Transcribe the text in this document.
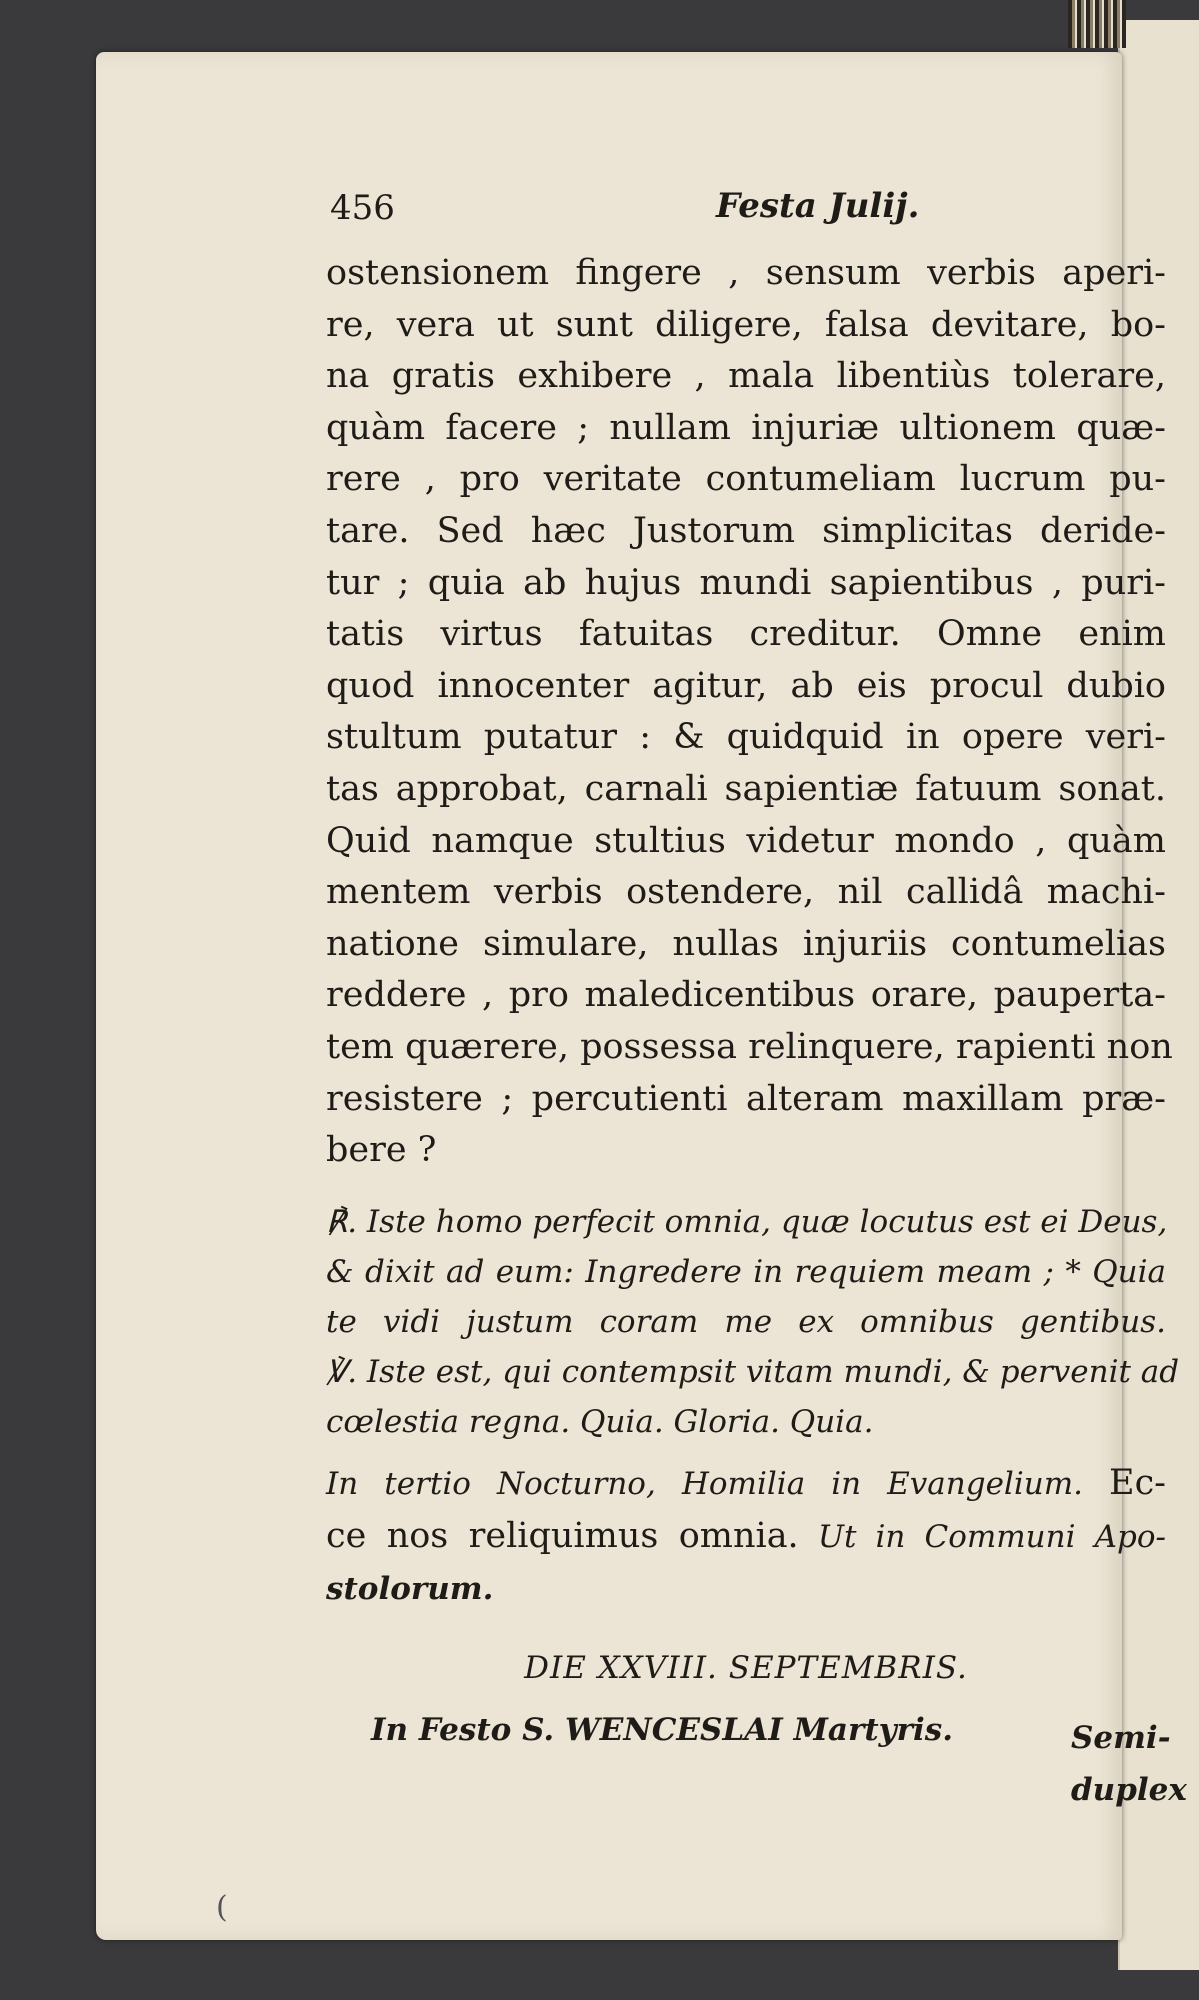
456	Festa Julij.
ostensionem fingere , sensum verbis aperi-
re, vera ut sunt diligere, falsa devitare, bo-
na gratis exhibere , mala libentiùs tolerare,
quàm facere ; nullam injuriæ ultionem quæ-
rere , pro veritate contumeliam lucrum pu-
tare. Sed hæc Justorum simplicitas deride-
tur ; quia ab hujus mundi sapientibus , puri-
tatis virtus fatuitas creditur. Omne enim
quod innocenter agitur, ab eis procul dubio
stultum putatur : & quidquid in opere veri-
tas approbat, carnali sapientiæ fatuum sonat.
Quid namque stultius videtur mondo , quàm
mentem verbis ostendere, nil callidâ machi-
natione simulare, nullas injuriis contumelias
reddere , pro maledicentibus orare, pauperta-
tem quærere, possessa relinquere, rapienti non
resistere ; percutienti alteram maxillam præ-
bere ?
℟. Iste homo perfecit omnia, quæ locutus est ei Deus,
& dixit ad eum: Ingredere in requiem meam ; * Quia
te vidi justum coram me ex omnibus gentibus.
℣. Iste est, qui contempsit vitam mundi, & pervenit ad
cœlestia regna. Quia. Gloria. Quia.
In tertio Nocturno, Homilia in Evangelium. Ec-
ce nos reliquimus omnia. Ut in Communi Apo-
stolorum.
DIE XXVIII. SEPTEMBRIS.
In Festo S. WENCESLAI Martyris.	Semi-
duplex
(
